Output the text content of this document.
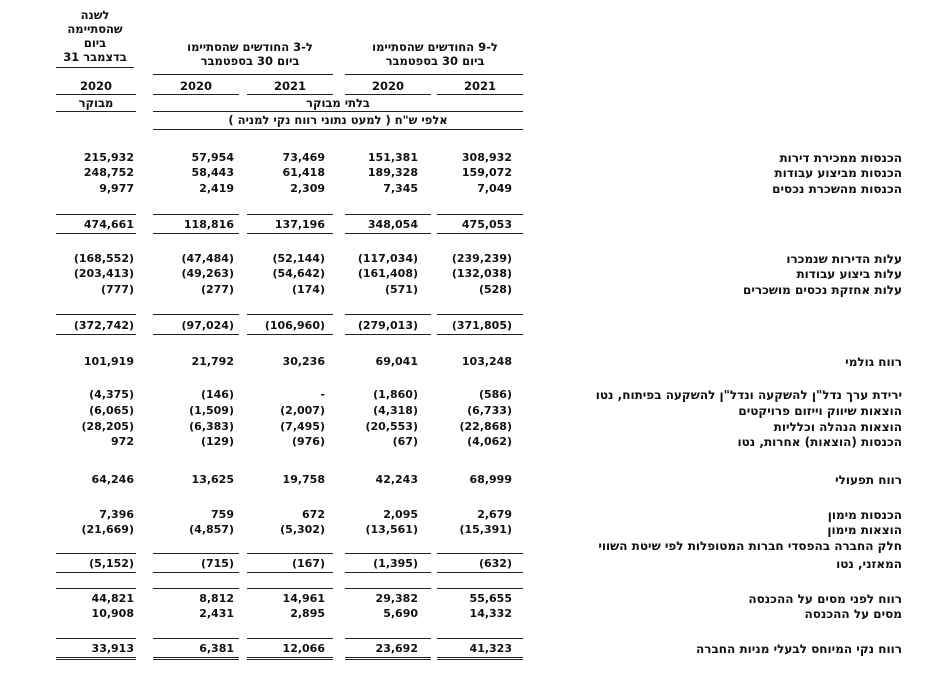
לשנה
שהסתיימה
ביום
31 בדצמבר
ל-3 החודשים שהסתיימו
ביום 30 בספטמבר
ל-9 החודשים שהסתיימו
ביום 30 בספטמבר
2020	2020	2021	2020	2021
מבוקר	בלתי מבוקר
אלפי ש"ח ( למעט נתוני רווח נקי למניה )
הכנסות ממכירת דירות
215,932	57,954	73,469	151,381	308,932
הכנסות מביצוע עבודות
248,752	58,443	61,418	189,328	159,072
הכנסות מהשכרת נכסים
9,977	2,419	2,309	7,345	7,049
474,661	118,816	137,196	348,054	475,053
עלות הדירות שנמכרו
(168,552)	(47,484)	(52,144)	(117,034)	(239,239)
עלות ביצוע עבודות
(203,413)	(49,263)	(54,642)	(161,408)	(132,038)
עלות אחזקת נכסים מושכרים
(777)	(277)	(174)	(571)	(528)
(372,742)	(97,024)	(106,960)	(279,013)	(371,805)
רווח גולמי
101,919	21,792	30,236	69,041	103,248
ירידת ערך נדל"ן להשקעה ונדל"ן להשקעה בפיתוח, נטו
(4,375)	(146)	-	(1,860)	(586)
הוצאות שיווק וייזום פרויקטים
(6,065)	(1,509)	(2,007)	(4,318)	(6,733)
הוצאות הנהלה וכלליות
(28,205)	(6,383)	(7,495)	(20,553)	(22,868)
הכנסות (הוצאות) אחרות, נטו
972	(129)	(976)	(67)	(4,062)
רווח תפעולי
64,246	13,625	19,758	42,243	68,999
הכנסות מימון
7,396	759	672	2,095	2,679
הוצאות מימון
(21,669)	(4,857)	(5,302)	(13,561)	(15,391)
חלק החברה בהפסדי חברות המטופלות לפי שיטת השווי
המאזני, נטו
(5,152)	(715)	(167)	(1,395)	(632)
רווח לפני מסים על ההכנסה
44,821	8,812	14,961	29,382	55,655
מסים על ההכנסה
10,908	2,431	2,895	5,690	14,332
רווח נקי המיוחס לבעלי מניות החברה
33,913	6,381	12,066	23,692	41,323
